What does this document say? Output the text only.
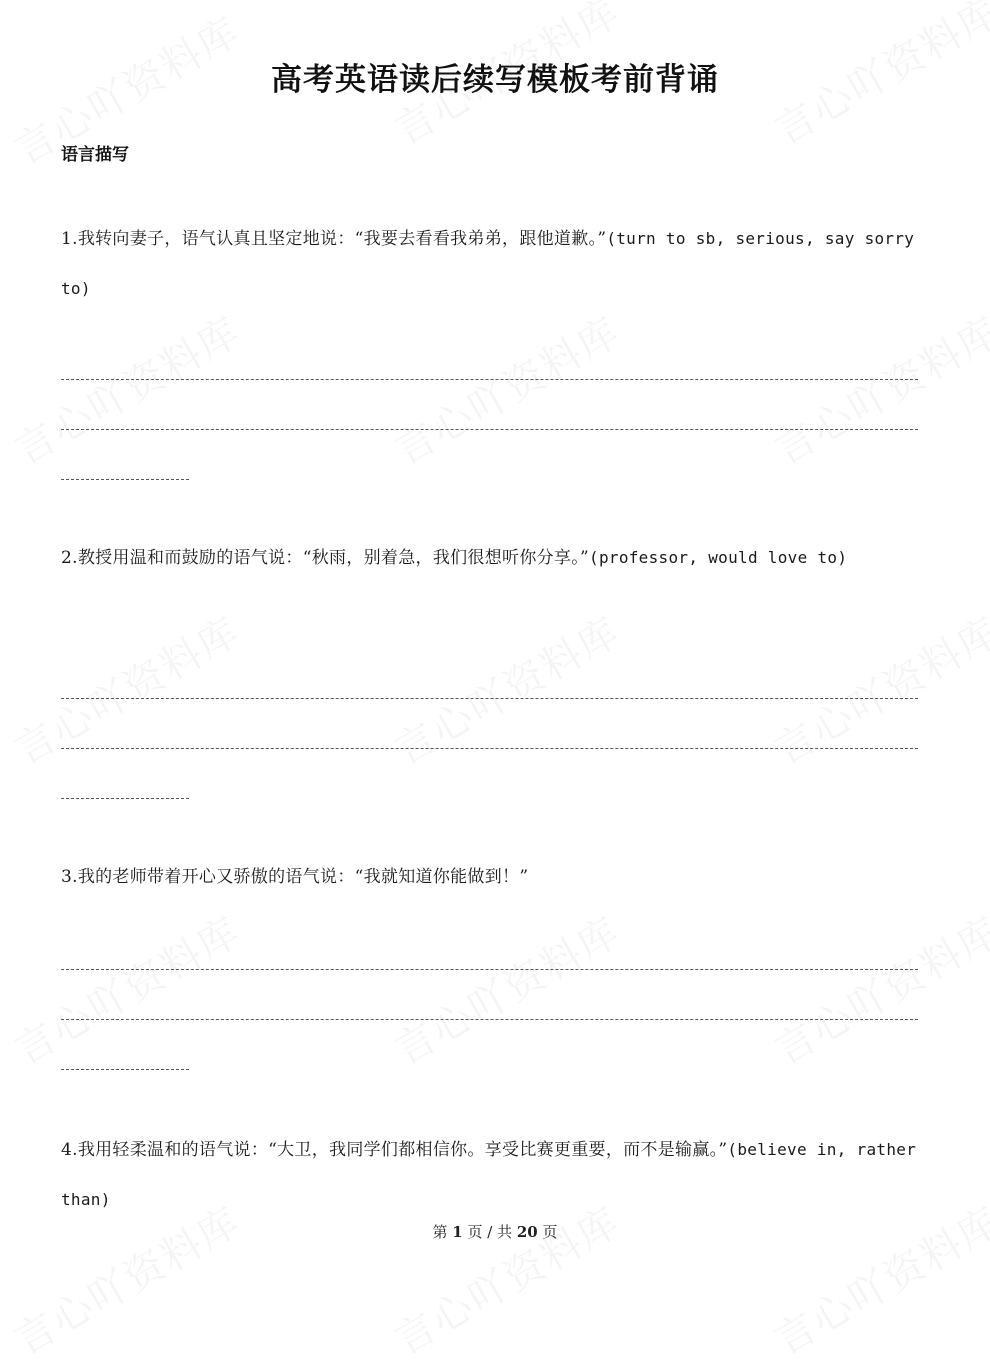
高考英语读后续写模板考前背诵
语言描写
1.我转向妻子，语气认真且坚定地说：“我要去看看我弟弟，跟他道歉。”(turn to sb, serious, say sorry to)
2.教授用温和而鼓励的语气说：“秋雨，别着急，我们很想听你分享。”(professor, would love to)
3.我的老师带着开心又骄傲的语气说：“我就知道你能做到！”
4.我用轻柔温和的语气说：“大卫，我同学们都相信你。享受比赛更重要，而不是输赢。”(believe in, rather than)
第 1 页 / 共 20 页
